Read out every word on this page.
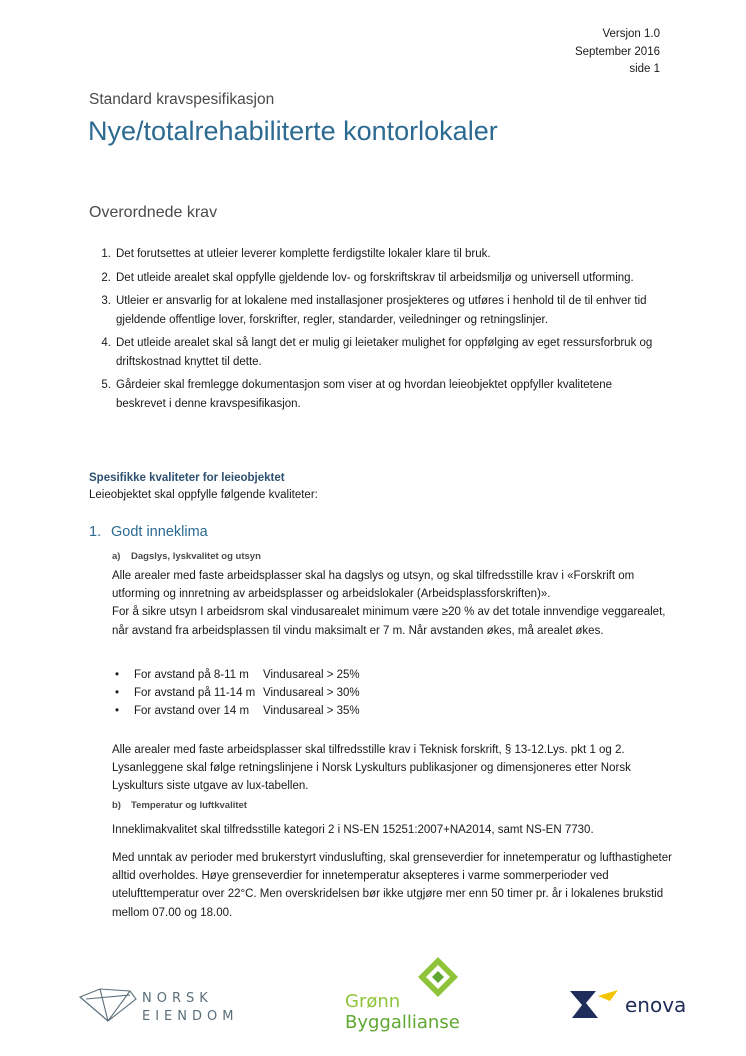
Versjon 1.0
September 2016
side 1
Standard kravspesifikasjon
Nye/totalrehabiliterte kontorlokaler
Overordnede krav
1. Det forutsettes at utleier leverer komplette ferdigstilte lokaler klare til bruk.
2. Det utleide arealet skal oppfylle gjeldende lov- og forskriftskrav til arbeidsmiljø og universell utforming.
3. Utleier er ansvarlig for at lokalene med installasjoner prosjekteres og utføres i henhold til de til enhver tid gjeldende offentlige lover, forskrifter, regler, standarder, veiledninger og retningslinjer.
4. Det utleide arealet skal så langt det er mulig gi leietaker mulighet for oppfølging av eget ressursforbruk og driftskostnad knyttet til dette.
5. Gårdeier skal fremlegge dokumentasjon som viser at og hvordan leieobjektet oppfyller kvalitetene beskrevet i denne kravspesifikasjon.
Spesifikke kvaliteter for leieobjektet
Leieobjektet skal oppfylle følgende kvaliteter:
1. Godt inneklima
a) Dagslys, lyskvalitet og utsyn

Alle arealer med faste arbeidsplasser skal ha dagslys og utsyn, og skal tilfredsstille krav i «Forskrift om utforming og innretning av arbeidsplasser og arbeidslokaler (Arbeidsplassforskriften)».

For å sikre utsyn I arbeidsrom skal vindusarealet minimum være ≥20 % av det totale innvendige veggarealet, når avstand fra arbeidsplassen til vindu maksimalt er 7 m. Når avstanden økes, må arealet økes.

• For avstand på 8-11 m Vindusareal > 25%
• For avstand på 11-14 m Vindusareal > 30%
• For avstand over 14 m Vindusareal > 35%
Alle arealer med faste arbeidsplasser skal tilfredsstille krav i Teknisk forskrift, § 13-12.Lys. pkt 1 og 2. Lysanleggene skal følge retningslinjene i Norsk Lyskulturs publikasjoner og dimensjoneres etter Norsk Lyskulturs siste utgave av lux-tabellen.
b) Temperatur og luftkvalitet
Inneklimakvalitet skal tilfredsstille kategori 2 i NS-EN 15251:2007+NA2014, samt NS-EN 7730.
Med unntak av perioder med brukerstyrt vinduslufting, skal grenseverdier for innetemperatur og lufthastigheter alltid overholdes. Høye grenseverdier for innetemperatur aksepteres i varme sommerperioder ved utelufttemperatur over 22°C. Men overskridelsen bør ikke utgjøre mer enn 50 timer pr. år i lokalenes brukstid mellom 07.00 og 18.00.
NORSK
EIENDOM
Grønn
Byggallianse
enova
